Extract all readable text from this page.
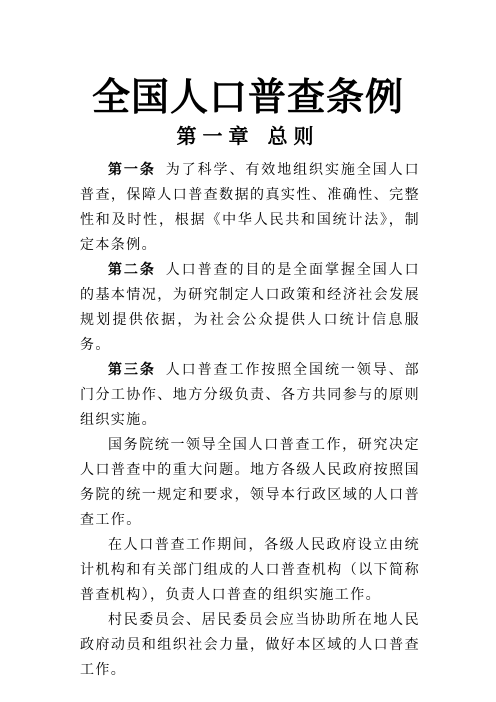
全国人口普查条例
第一章 总则

第一条 为了科学、有效地组织实施全国人口普查，保障人口普查数据的真实性、准确性、完整性和及时性，根据《中华人民共和国统计法》，制定本条例。

第二条 人口普查的目的是全面掌握全国人口的基本情况，为研究制定人口政策和经济社会发展规划提供依据，为社会公众提供人口统计信息服务。

第三条 人口普查工作按照全国统一领导、部门分工协作、地方分级负责、各方共同参与的原则组织实施。

国务院统一领导全国人口普查工作，研究决定人口普查中的重大问题。地方各级人民政府按照国务院的统一规定和要求，领导本行政区域的人口普查工作。

在人口普查工作期间，各级人民政府设立由统计机构和有关部门组成的人口普查机构（以下简称普查机构），负责人口普查的组织实施工作。

村民委员会、居民委员会应当协助所在地人民政府动员和组织社会力量，做好本区域的人口普查工作。
